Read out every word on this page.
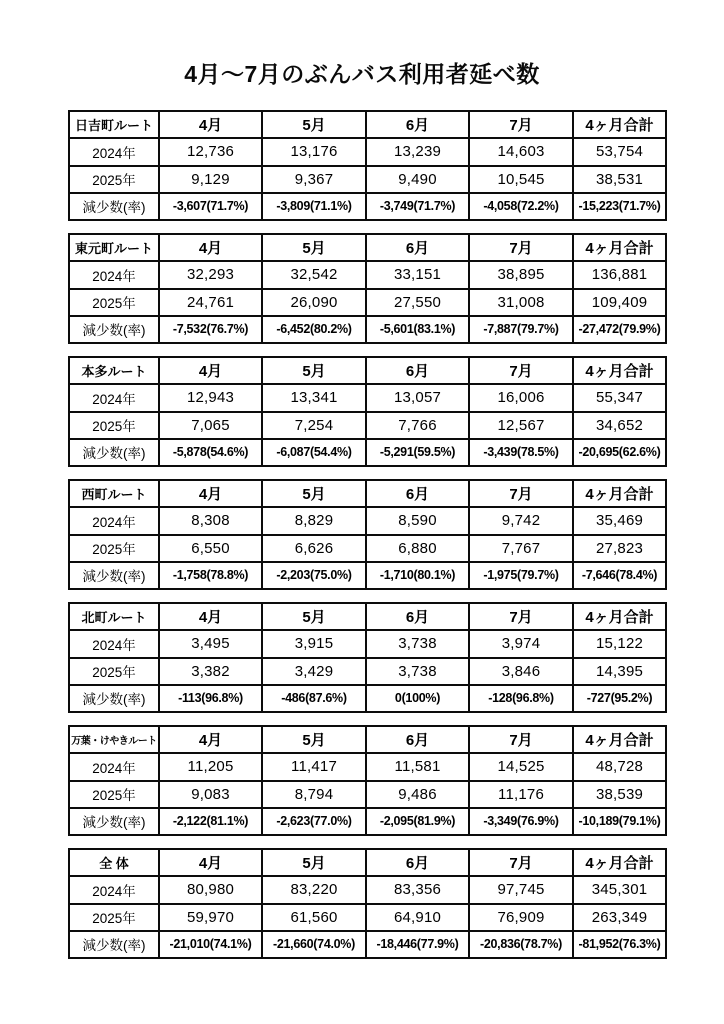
4月～7月のぶんバス利用者延べ数
日吉町ルート	4月	5月	6月	7月	4ヶ月合計
2024年	12,736	13,176	13,239	14,603	53,754
2025年	9,129	9,367	9,490	10,545	38,531
減少数(率)	-3,607(71.7%)	-3,809(71.1%)	-3,749(71.7%)	-4,058(72.2%)	-15,223(71.7%)
東元町ルート	4月	5月	6月	7月	4ヶ月合計
2024年	32,293	32,542	33,151	38,895	136,881
2025年	24,761	26,090	27,550	31,008	109,409
減少数(率)	-7,532(76.7%)	-6,452(80.2%)	-5,601(83.1%)	-7,887(79.7%)	-27,472(79.9%)
本多ルート	4月	5月	6月	7月	4ヶ月合計
2024年	12,943	13,341	13,057	16,006	55,347
2025年	7,065	7,254	7,766	12,567	34,652
減少数(率)	-5,878(54.6%)	-6,087(54.4%)	-5,291(59.5%)	-3,439(78.5%)	-20,695(62.6%)
西町ルート	4月	5月	6月	7月	4ヶ月合計
2024年	8,308	8,829	8,590	9,742	35,469
2025年	6,550	6,626	6,880	7,767	27,823
減少数(率)	-1,758(78.8%)	-2,203(75.0%)	-1,710(80.1%)	-1,975(79.7%)	-7,646(78.4%)
北町ルート	4月	5月	6月	7月	4ヶ月合計
2024年	3,495	3,915	3,738	3,974	15,122
2025年	3,382	3,429	3,738	3,846	14,395
減少数(率)	-113(96.8%)	-486(87.6%)	0(100%)	-128(96.8%)	-727(95.2%)
万葉・けやきルート	4月	5月	6月	7月	4ヶ月合計
2024年	11,205	11,417	11,581	14,525	48,728
2025年	9,083	8,794	9,486	11,176	38,539
減少数(率)	-2,122(81.1%)	-2,623(77.0%)	-2,095(81.9%)	-3,349(76.9%)	-10,189(79.1%)
全 体	4月	5月	6月	7月	4ヶ月合計
2024年	80,980	83,220	83,356	97,745	345,301
2025年	59,970	61,560	64,910	76,909	263,349
減少数(率)	-21,010(74.1%)	-21,660(74.0%)	-18,446(77.9%)	-20,836(78.7%)	-81,952(76.3%)
